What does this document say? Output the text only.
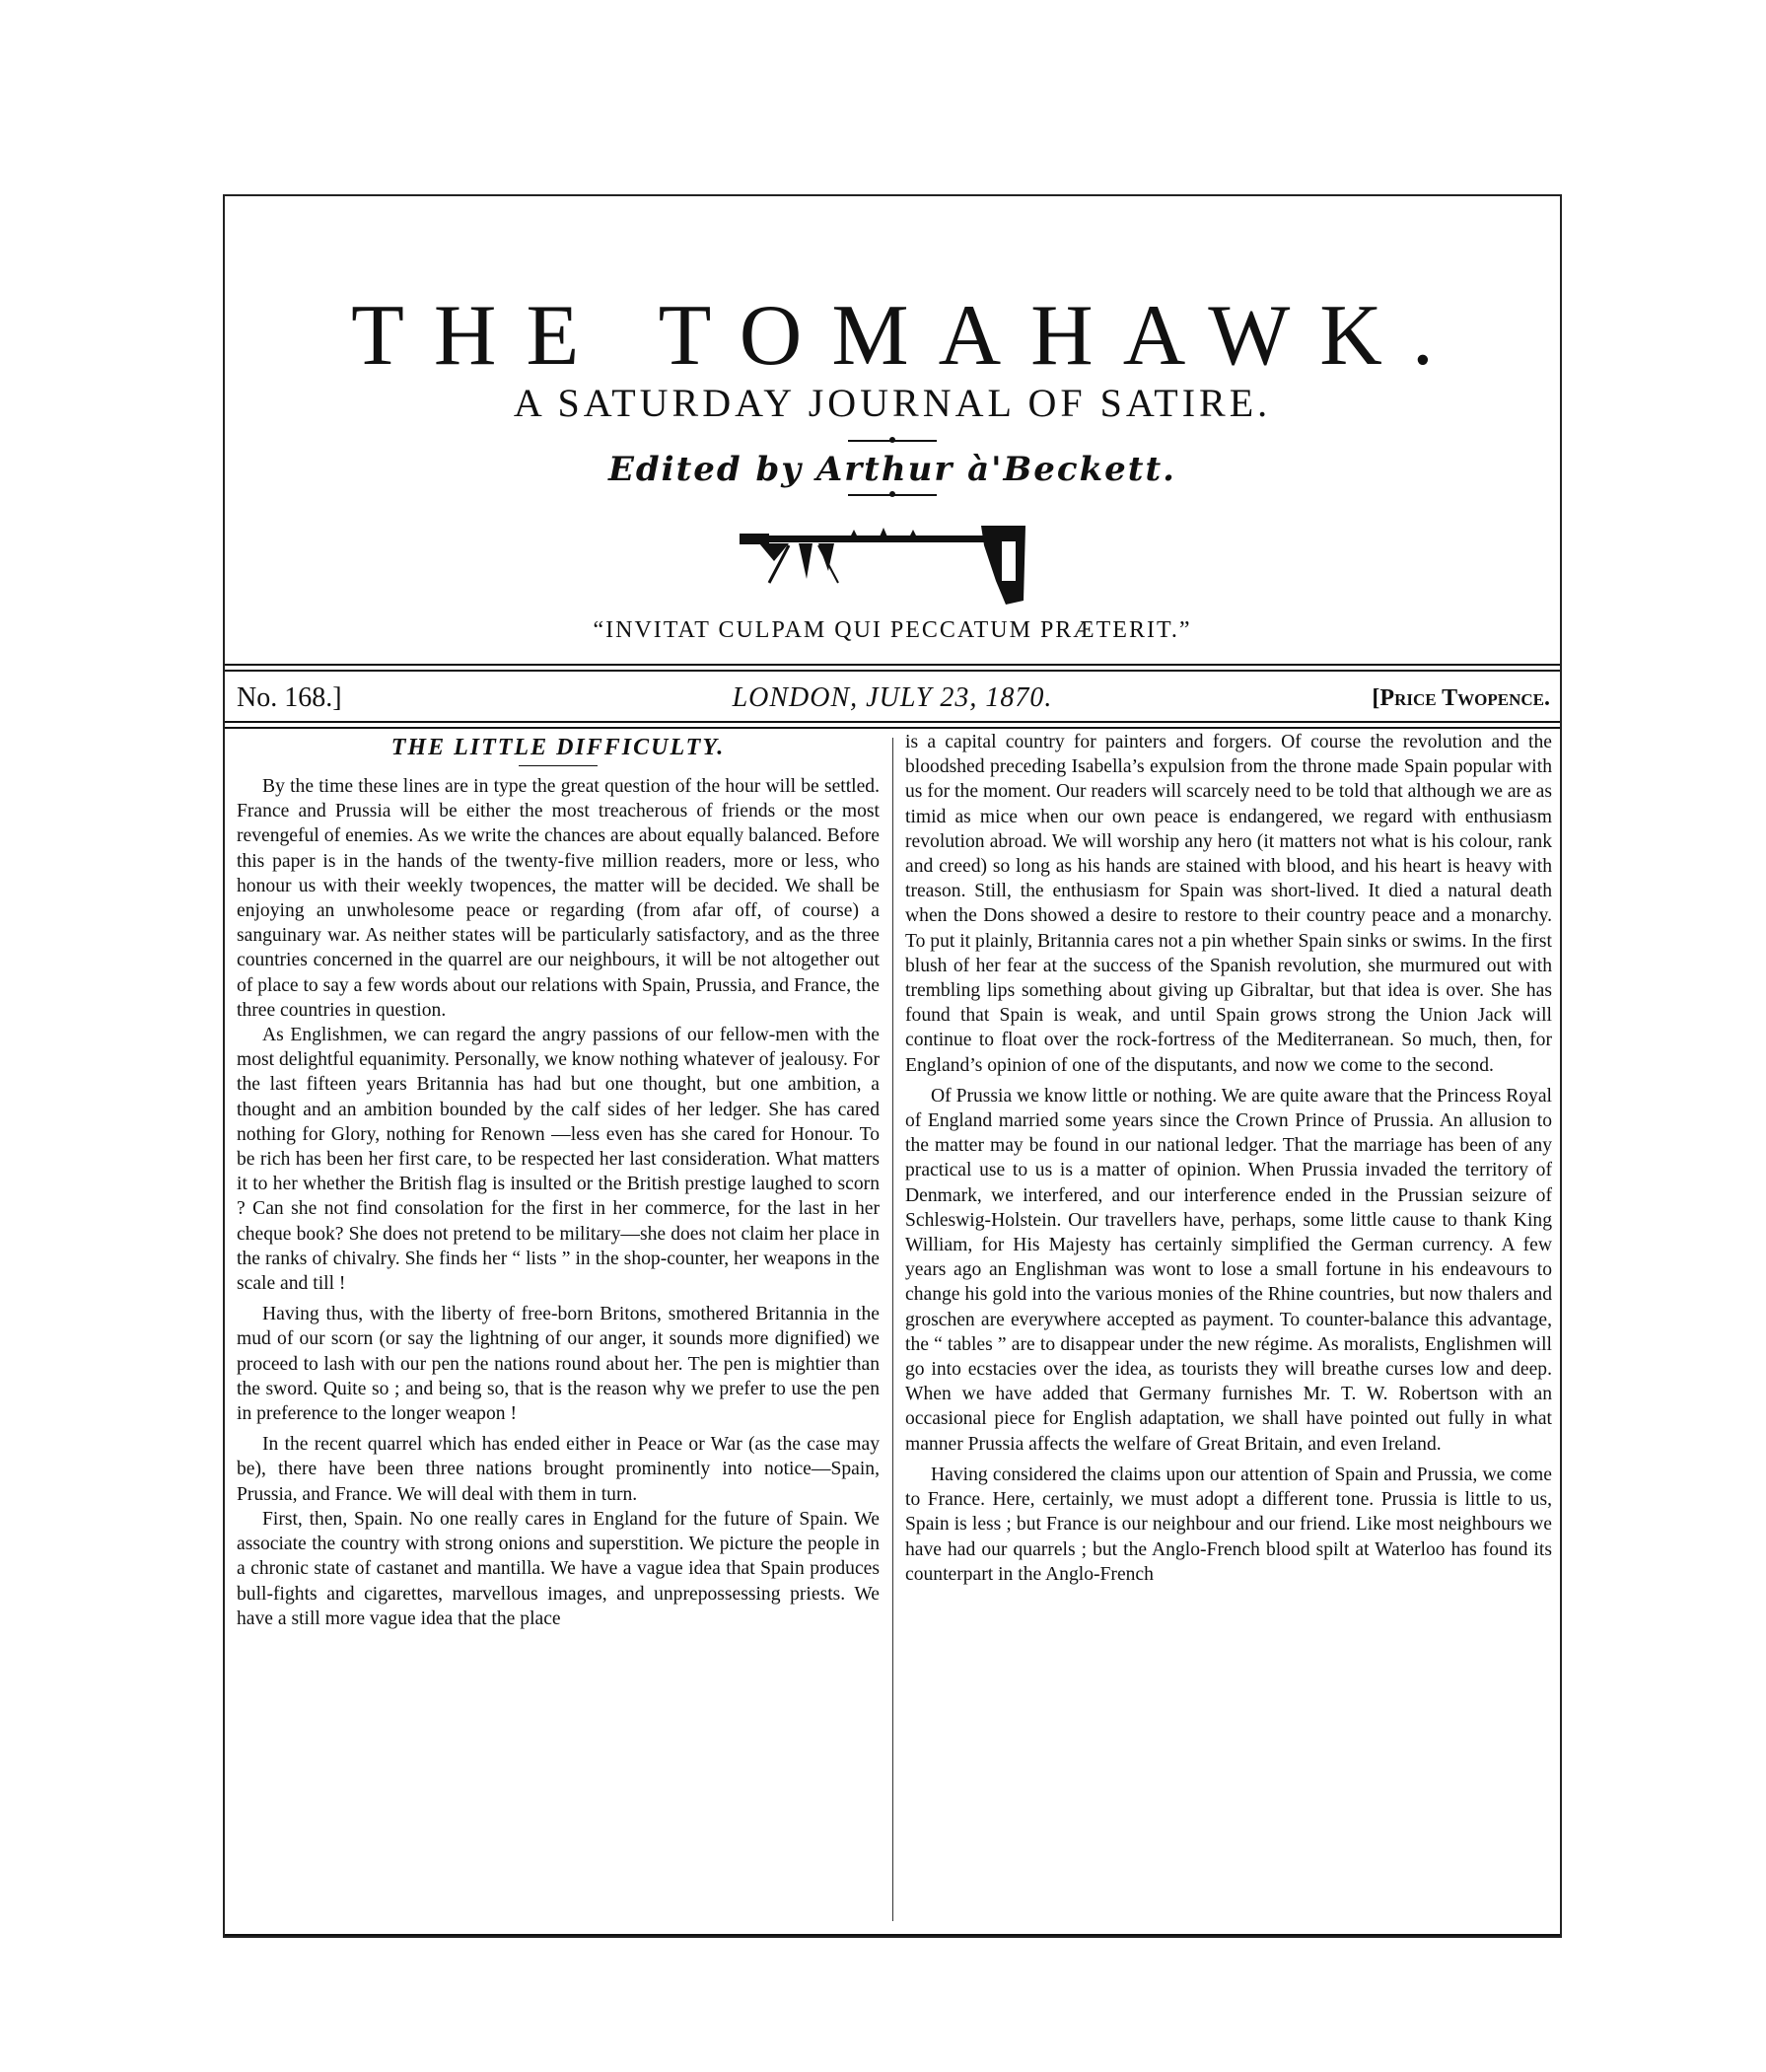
THE TOMAHAWK.
A SATURDAY JOURNAL OF SATIRE.
Edited by Arthur à'Beckett.
“INVITAT CULPAM QUI PECCATUM PRÆTERIT.”
No. 168.]	LONDON, JULY 23, 1870.	[Price Twopence.
THE LITTLE DIFFICULTY.

By the time these lines are in type the great question of the hour will be settled. France and Prussia will be either the most treacherous of friends or the most revengeful of enemies. As we write the chances are about equally balanced. Before this paper is in the hands of the twenty-five million readers, more or less, who honour us with their weekly twopences, the matter will be decided. We shall be enjoying an unwholesome peace or regarding (from afar off, of course) a sanguinary war. As neither states will be particularly satisfactory, and as the three countries concerned in the quarrel are our neighbours, it will be not altogether out of place to say a few words about our relations with Spain, Prussia, and France, the three countries in question.

As Englishmen, we can regard the angry passions of our fellow-men with the most delightful equanimity. Personally, we know nothing whatever of jealousy. For the last fifteen years Britannia has had but one thought, but one ambition, a thought and an ambition bounded by the calf sides of her ledger. She has cared nothing for Glory, nothing for Renown —less even has she cared for Honour. To be rich has been her first care, to be respected her last consideration. What matters it to her whether the British flag is insulted or the British prestige laughed to scorn ? Can she not find consolation for the first in her commerce, for the last in her cheque book? She does not pretend to be military—she does not claim her place in the ranks of chivalry. She finds her “ lists ” in the shop-counter, her weapons in the scale and till !

Having thus, with the liberty of free-born Britons, smothered Britannia in the mud of our scorn (or say the lightning of our anger, it sounds more dignified) we proceed to lash with our pen the nations round about her. The pen is mightier than the sword. Quite so ; and being so, that is the reason why we prefer to use the pen in preference to the longer weapon !

In the recent quarrel which has ended either in Peace or War (as the case may be), there have been three nations brought prominently into notice—Spain, Prussia, and France. We will deal with them in turn.

First, then, Spain. No one really cares in England for the future of Spain. We associate the country with strong onions and superstition. We picture the people in a chronic state of castanet and mantilla. We have a vague idea that Spain produces bull-fights and cigarettes, marvellous images, and unprepossessing priests. We have a still more vague idea that the place

is a capital country for painters and forgers. Of course the revolution and the bloodshed preceding Isabella’s expulsion from the throne made Spain popular with us for the moment. Our readers will scarcely need to be told that although we are as timid as mice when our own peace is endangered, we regard with enthusiasm revolution abroad. We will worship any hero (it matters not what is his colour, rank and creed) so long as his hands are stained with blood, and his heart is heavy with treason. Still, the enthusiasm for Spain was short-lived. It died a natural death when the Dons showed a desire to restore to their country peace and a monarchy. To put it plainly, Britannia cares not a pin whether Spain sinks or swims. In the first blush of her fear at the success of the Spanish revolution, she murmured out with trembling lips something about giving up Gibraltar, but that idea is over. She has found that Spain is weak, and until Spain grows strong the Union Jack will continue to float over the rock-fortress of the Mediterranean. So much, then, for England’s opinion of one of the disputants, and now we come to the second.

Of Prussia we know little or nothing. We are quite aware that the Princess Royal of England married some years since the Crown Prince of Prussia. An allusion to the matter may be found in our national ledger. That the marriage has been of any practical use to us is a matter of opinion. When Prussia invaded the territory of Denmark, we interfered, and our interference ended in the Prussian seizure of Schleswig-Holstein. Our travellers have, perhaps, some little cause to thank King William, for His Majesty has certainly simplified the German currency. A few years ago an Englishman was wont to lose a small fortune in his endeavours to change his gold into the various monies of the Rhine countries, but now thalers and groschen are everywhere accepted as payment. To counter-balance this advantage, the “ tables ” are to disappear under the new régime. As moralists, Englishmen will go into ecstacies over the idea, as tourists they will breathe curses low and deep. When we have added that Germany furnishes Mr. T. W. Robertson with an occasional piece for English adaptation, we shall have pointed out fully in what manner Prussia affects the welfare of Great Britain, and even Ireland.

Having considered the claims upon our attention of Spain and Prussia, we come to France. Here, certainly, we must adopt a different tone. Prussia is little to us, Spain is less ; but France is our neighbour and our friend. Like most neighbours we have had our quarrels ; but the Anglo-French blood spilt at Waterloo has found its counterpart in the Anglo-French
